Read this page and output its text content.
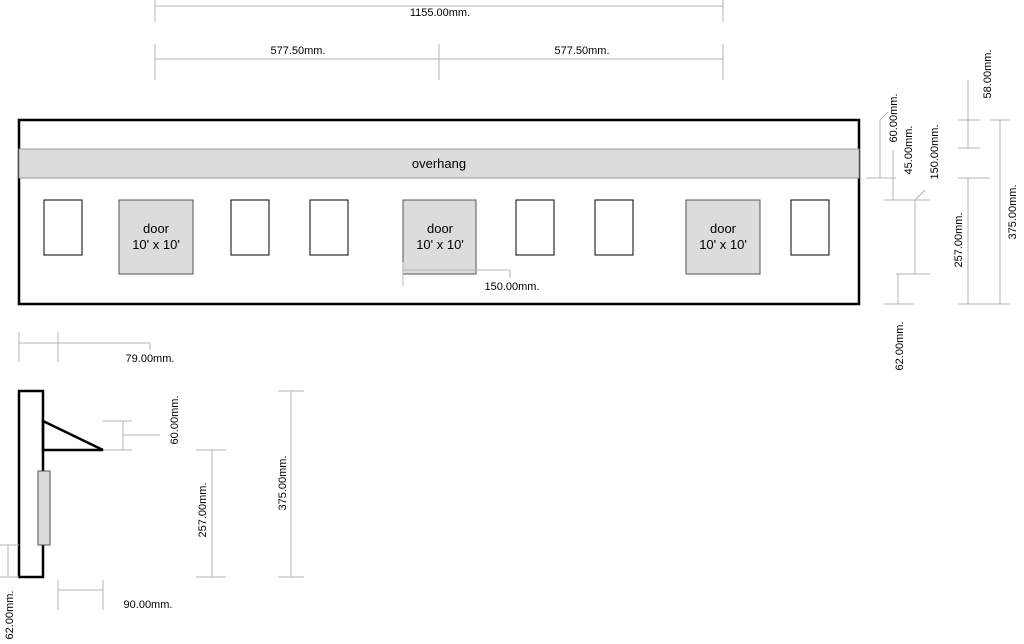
1155.00mm.
577.50mm.	577.50mm.
overhang
door
10' x 10'
door
10' x 10'
door
10' x 10'
150.00mm.
60.00mm.
45.00mm. 150.00mm.
62.00mm.
58.00mm.
257.00mm.
375.00mm.
79.00mm.
60.00mm.
257.00mm.	375.00mm.
90.00mm.
62.00mm.
